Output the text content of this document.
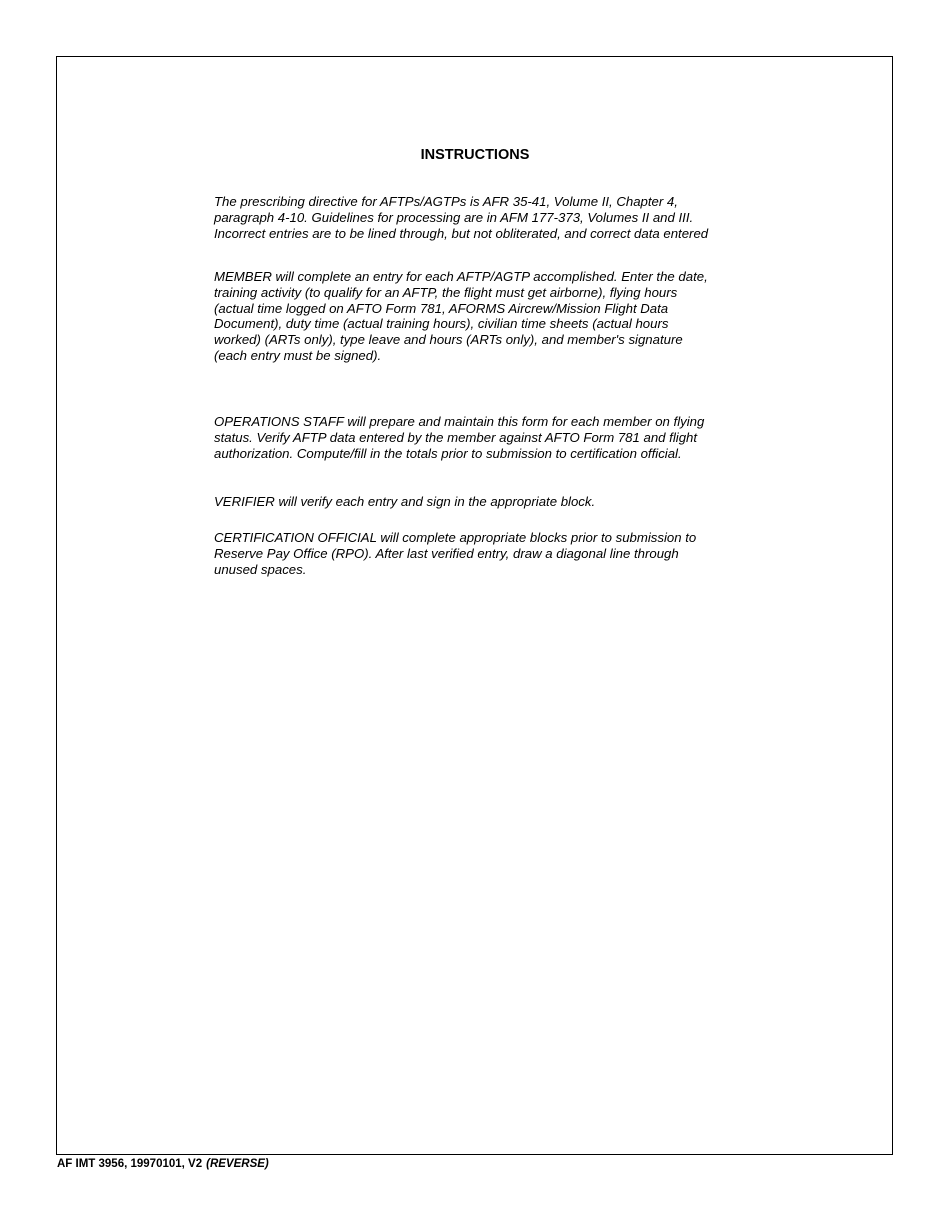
INSTRUCTIONS

The prescribing directive for AFTPs/AGTPs is AFR 35-41, Volume II, Chapter 4,
paragraph 4-10. Guidelines for processing are in AFM 177-373, Volumes II and III.
Incorrect entries are to be lined through, but not obliterated, and correct data entered

MEMBER will complete an entry for each AFTP/AGTP accomplished. Enter the date,
training activity (to qualify for an AFTP, the flight must get airborne), flying hours
(actual time logged on AFTO Form 781, AFORMS Aircrew/Mission Flight Data
Document), duty time (actual training hours), civilian time sheets (actual hours
worked) (ARTs only), type leave and hours (ARTs only), and member's signature
(each entry must be signed).

OPERATIONS STAFF will prepare and maintain this form for each member on flying
status. Verify AFTP data entered by the member against AFTO Form 781 and flight
authorization. Compute/fill in the totals prior to submission to certification official.

VERIFIER will verify each entry and sign in the appropriate block.

CERTIFICATION OFFICIAL will complete appropriate blocks prior to submission to
Reserve Pay Office (RPO). After last verified entry, draw a diagonal line through
unused spaces.

AF IMT 3956, 19970101, V2 (REVERSE)
